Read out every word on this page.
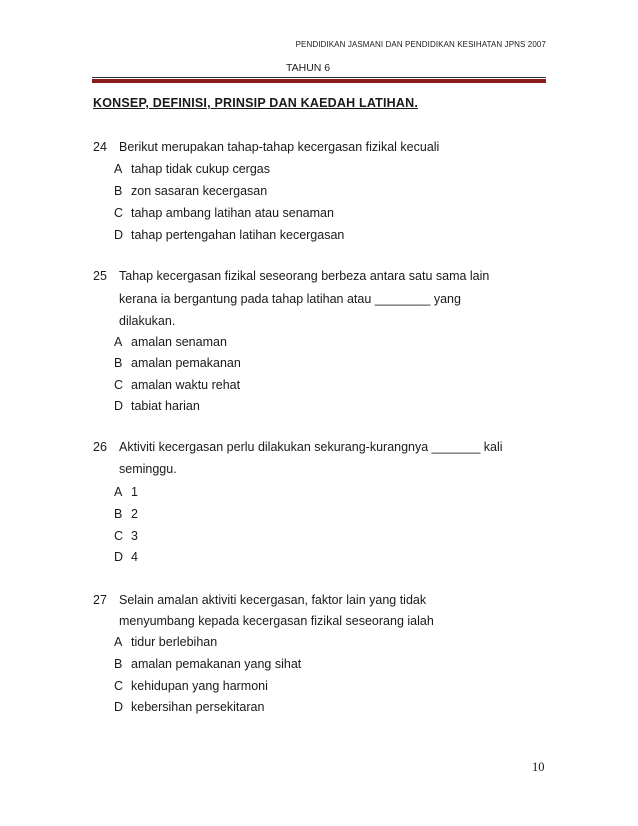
PENDIDIKAN JASMANI DAN PENDIDIKAN KESIHATAN JPNS 2007
TAHUN 6
KONSEP, DEFINISI, PRINSIP DAN KAEDAH LATIHAN.
24 Berikut merupakan tahap-tahap kecergasan fizikal kecuali
A tahap tidak cukup cergas
B zon sasaran kecergasan
C tahap ambang latihan atau senaman
D tahap pertengahan latihan kecergasan
25 Tahap kecergasan fizikal seseorang berbeza antara satu sama lain
kerana ia bergantung pada tahap latihan atau ________ yang
dilakukan.
A amalan senaman
B amalan pemakanan
C amalan waktu rehat
D tabiat harian
26 Aktiviti kecergasan perlu dilakukan sekurang-kurangnya _______ kali
seminggu.
A 1
B 2
C 3
D 4
27 Selain amalan aktiviti kecergasan, faktor lain yang tidak
menyumbang kepada kecergasan fizikal seseorang ialah
A tidur berlebihan
B amalan pemakanan yang sihat
C kehidupan yang harmoni
D kebersihan persekitaran
10
